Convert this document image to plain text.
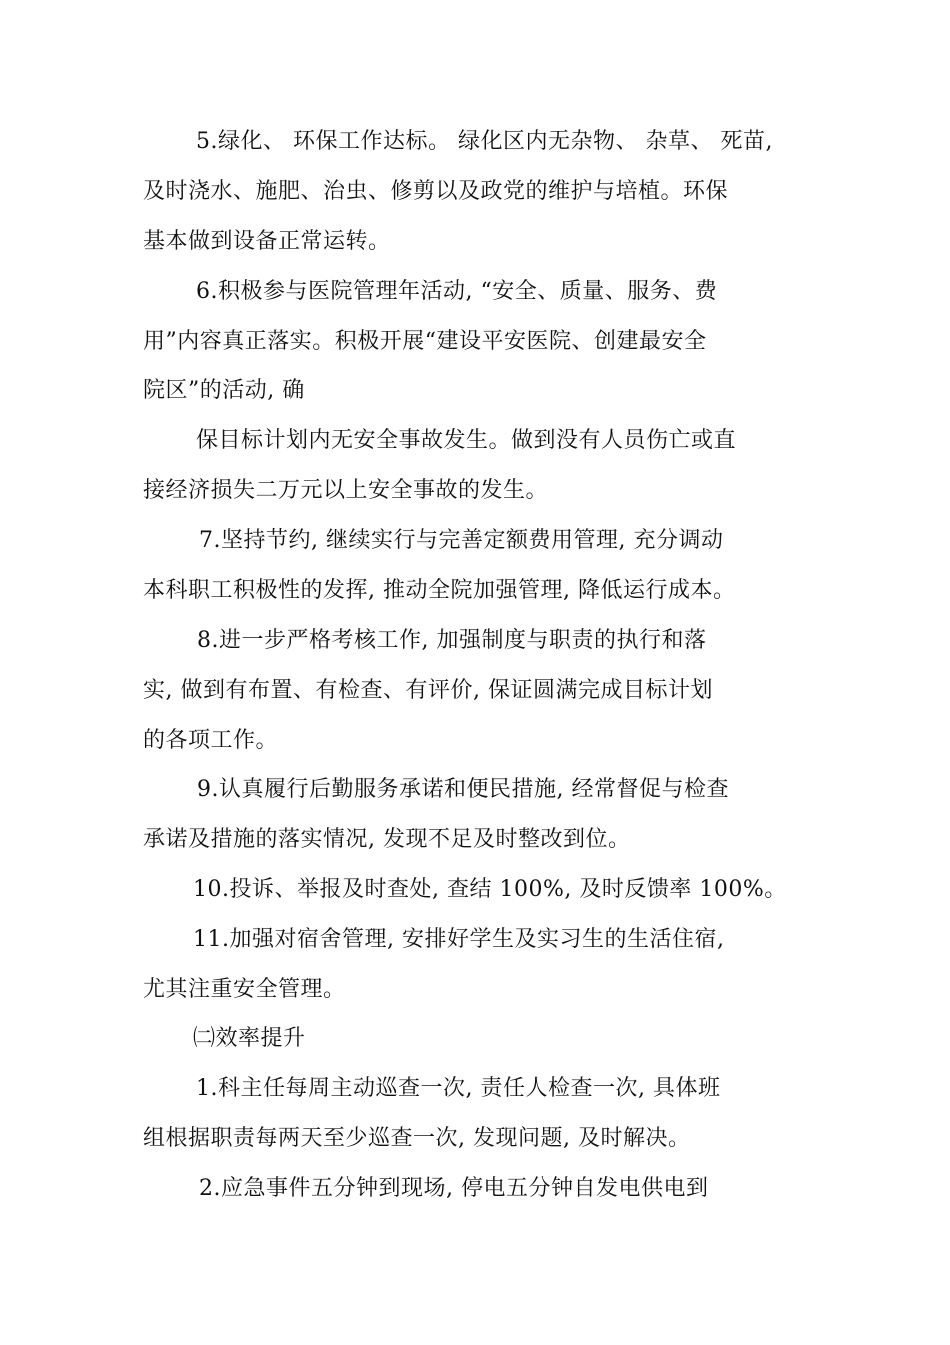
5.绿化、 环保工作达标。 绿化区内无杂物、 杂草、 死苗,
及时浇水、施肥、治虫、修剪以及政党的维护与培植。环保
基本做到设备正常运转。
6.积极参与医院管理年活动, “安全、质量、服务、费
用”内容真正落实。积极开展“建设平安医院、创建最安全
院区”的活动, 确
保目标计划内无安全事故发生。做到没有人员伤亡或直
接经济损失二万元以上安全事故的发生。
7.坚持节约, 继续实行与完善定额费用管理, 充分调动
本科职工积极性的发挥, 推动全院加强管理, 降低运行成本。
8.进一步严格考核工作, 加强制度与职责的执行和落
实, 做到有布置、有检查、有评价, 保证圆满完成目标计划
的各项工作。
9.认真履行后勤服务承诺和便民措施, 经常督促与检查
承诺及措施的落实情况, 发现不足及时整改到位。
10.投诉、举报及时查处, 查结 100%, 及时反馈率 100%。
11.加强对宿舍管理, 安排好学生及实习生的生活住宿,
尤其注重安全管理。
㈡效率提升
1.科主任每周主动巡查一次, 责任人检查一次, 具体班
组根据职责每两天至少巡查一次, 发现问题, 及时解决。
2.应急事件五分钟到现场, 停电五分钟自发电供电到
